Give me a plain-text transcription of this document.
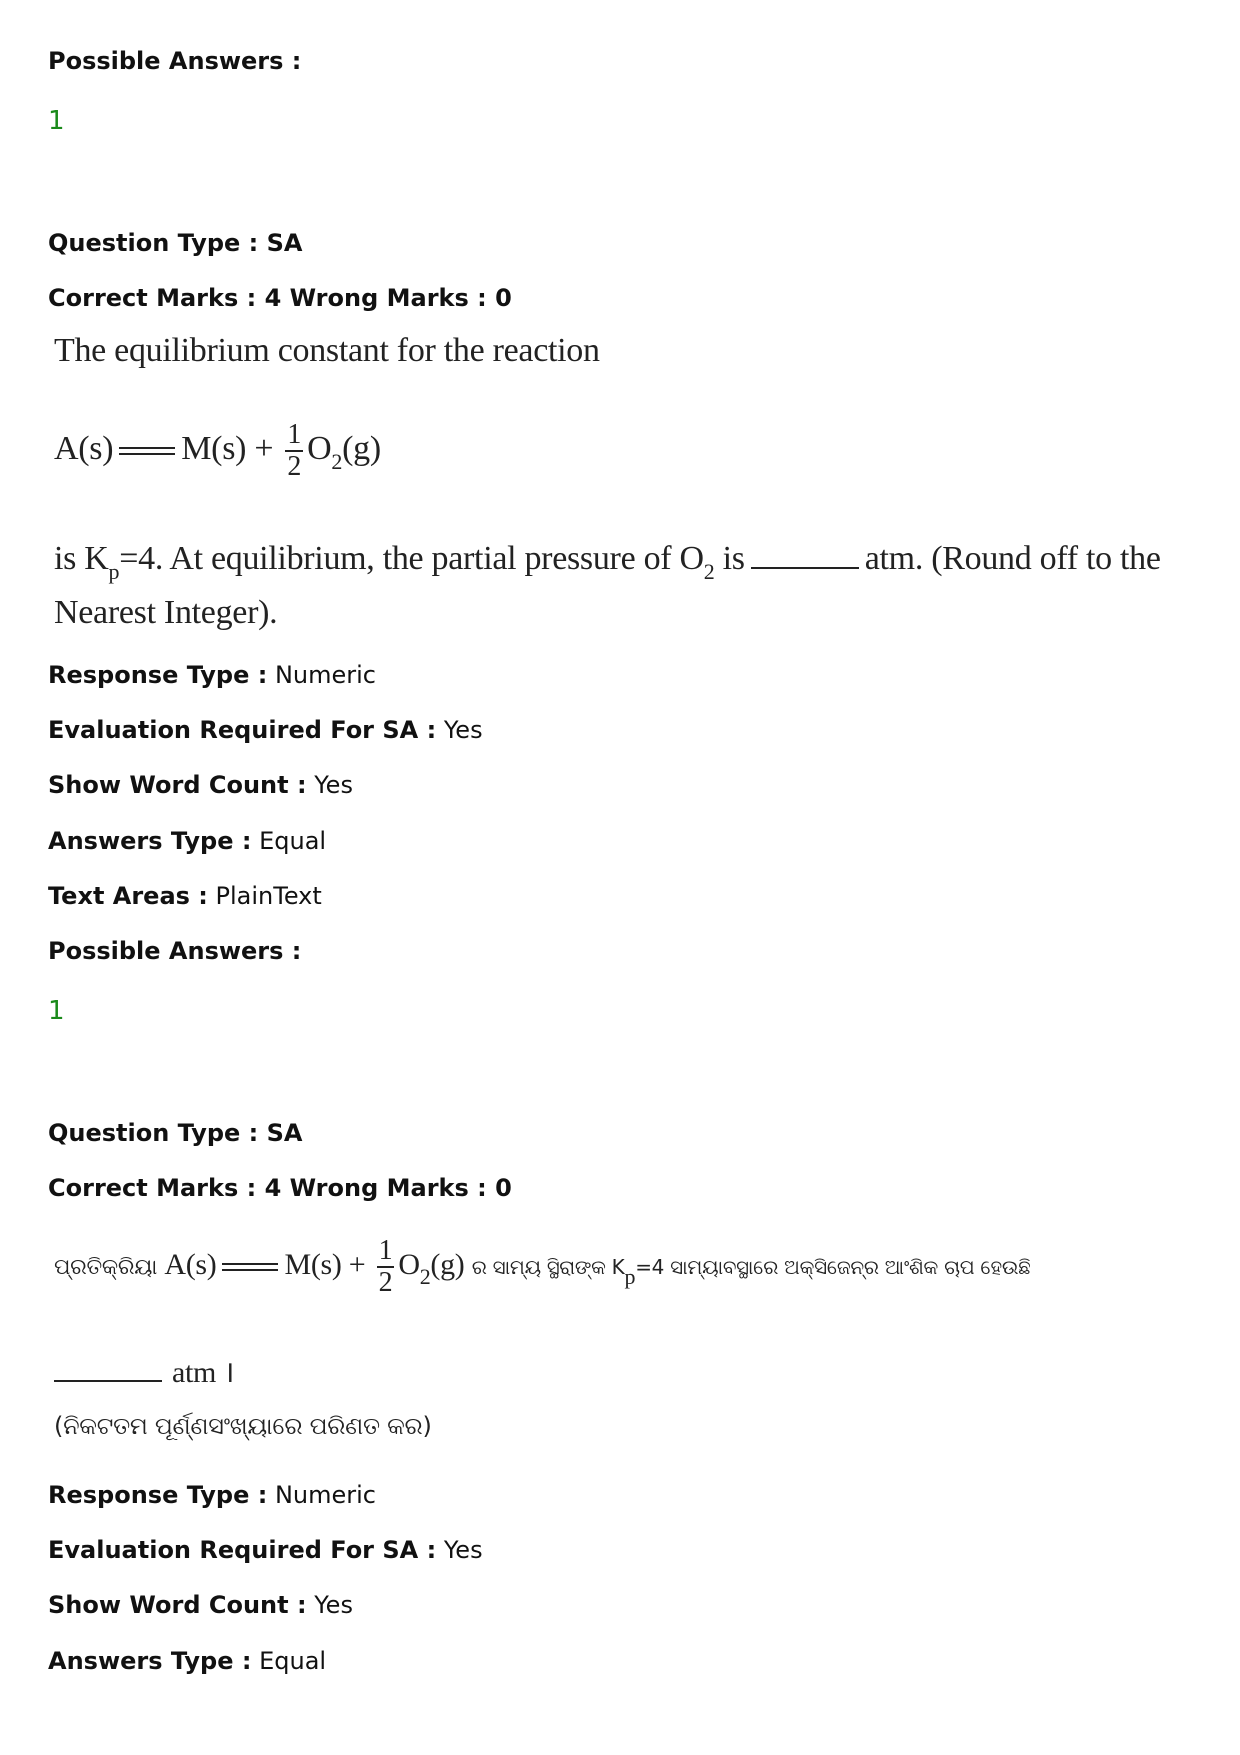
Possible Answers :
1
Question Type : SA
Correct Marks : 4 Wrong Marks : 0
The equilibrium constant for the reaction
A(s) $M(s) + \frac{1}{2} O_2(g)$
is $K_p=4$. At equilibrium, the partial pressure of $O_2$ is	atm. (Round off to the
Nearest Integer).
Response Type : Numeric
Evaluation Required For SA : Yes
Show Word Count : Yes
Answers Type : Equal
Text Areas : PlainText
Possible Answers :
1
Question Type : SA
Correct Marks : 4 Wrong Marks : 0
ପ୍ରତିକ୍ରିୟା A(s) $M(s) + \frac{1}{2} O_2(g)$ ର ସାମ୍ୟ ସ୍ଥିରାଙ୍କ $K_p=4$ ସାମ୍ୟାବସ୍ଥାରେ ଅକ୍ସିଜେନ୍‌ର ଆଂଶିକ ଚାପ ହେଉଛି
atm ।
(ନିକଟତମ ପୂର୍ଣ୍ଣସଂଖ୍ୟାରେ ପରିଣତ କର)
Response Type : Numeric
Evaluation Required For SA : Yes
Show Word Count : Yes
Answers Type : Equal
